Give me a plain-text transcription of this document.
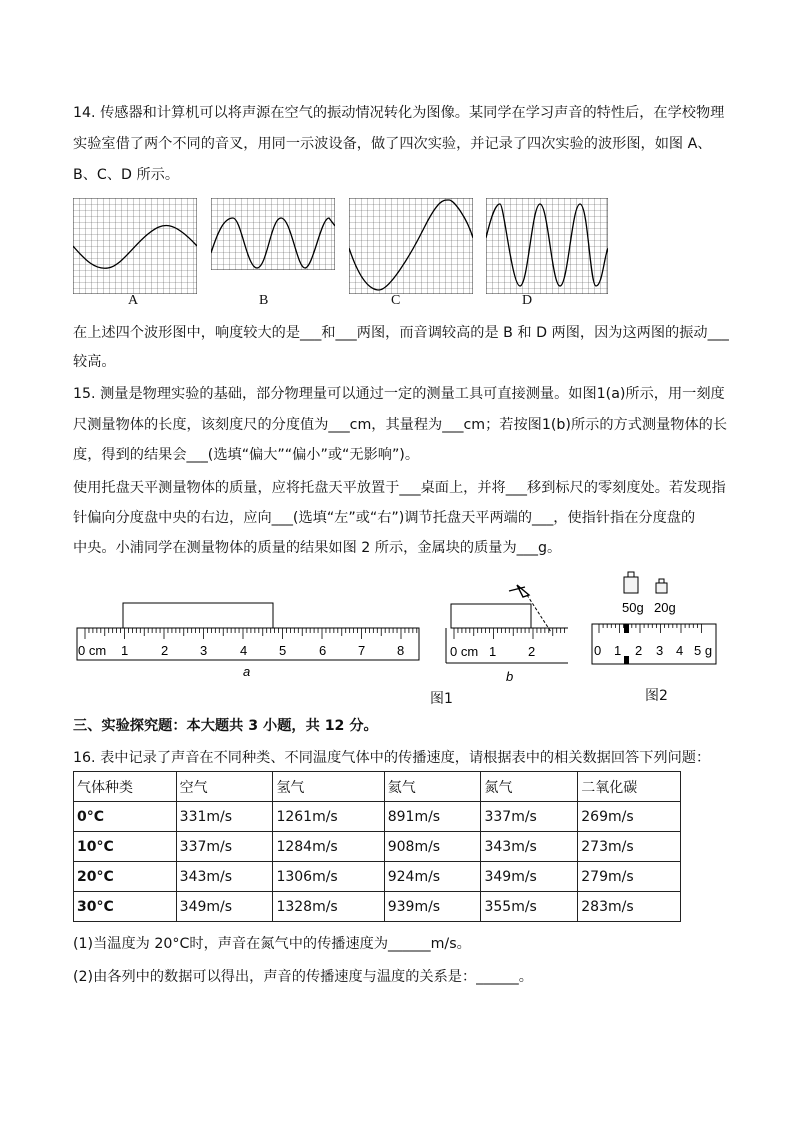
14. 传感器和计算机可以将声源在空气的振动情况转化为图像。某同学在学习声音的特性后，在学校物理
实验室借了两个不同的音叉，用同一示波设备，做了四次实验，并记录了四次实验的波形图，如图 A、
B、C、D 所示。
A	B	C	D
在上述四个波形图中，响度较大的是___和___两图，而音调较高的是 B 和 D 两图，因为这两图的振动___
较高。
15. 测量是物理实验的基础，部分物理量可以通过一定的测量工具可直接测量。如图1(a)所示，用一刻度
尺测量物体的长度，该刻度尺的分度值为___cm，其量程为___cm；若按图1(b)所示的方式测量物体的长
度，得到的结果会___(选填“偏大”“偏小”或“无影响”)。
使用托盘天平测量物体的质量，应将托盘天平放置于___桌面上，并将___移到标尺的零刻度处。若发现指
针偏向分度盘中央的右边，应向___(选填“左”或“右”)调节托盘天平两端的___，使指针指在分度盘的
中央。小浦同学在测量物体的质量的结果如图 2 所示，金属块的质量为___g。
0 cm 1	2 3	4 5	6 7 8
a
0 cm 1 2
b
图1
50g 20g
0 1 2 3 4 5 g
图2
三、实验探究题：本大题共 3 小题，共 12 分。
16. 表中记录了声音在不同种类、不同温度气体中的传播速度，请根据表中的相关数据回答下列问题：
气体种类	空气	氢气	氦气	氮气	二氧化碳
0°C	331m/s	1261m/s	891m/s	337m/s	269m/s
10°C	337m/s	1284m/s	908m/s	343m/s	273m/s
20°C	343m/s	1306m/s	924m/s	349m/s	279m/s
30°C	349m/s	1328m/s	939m/s	355m/s	283m/s
(1)当温度为 20°C时，声音在氮气中的传播速度为______m/s。
(2)由各列中的数据可以得出，声音的传播速度与温度的关系是：______。
